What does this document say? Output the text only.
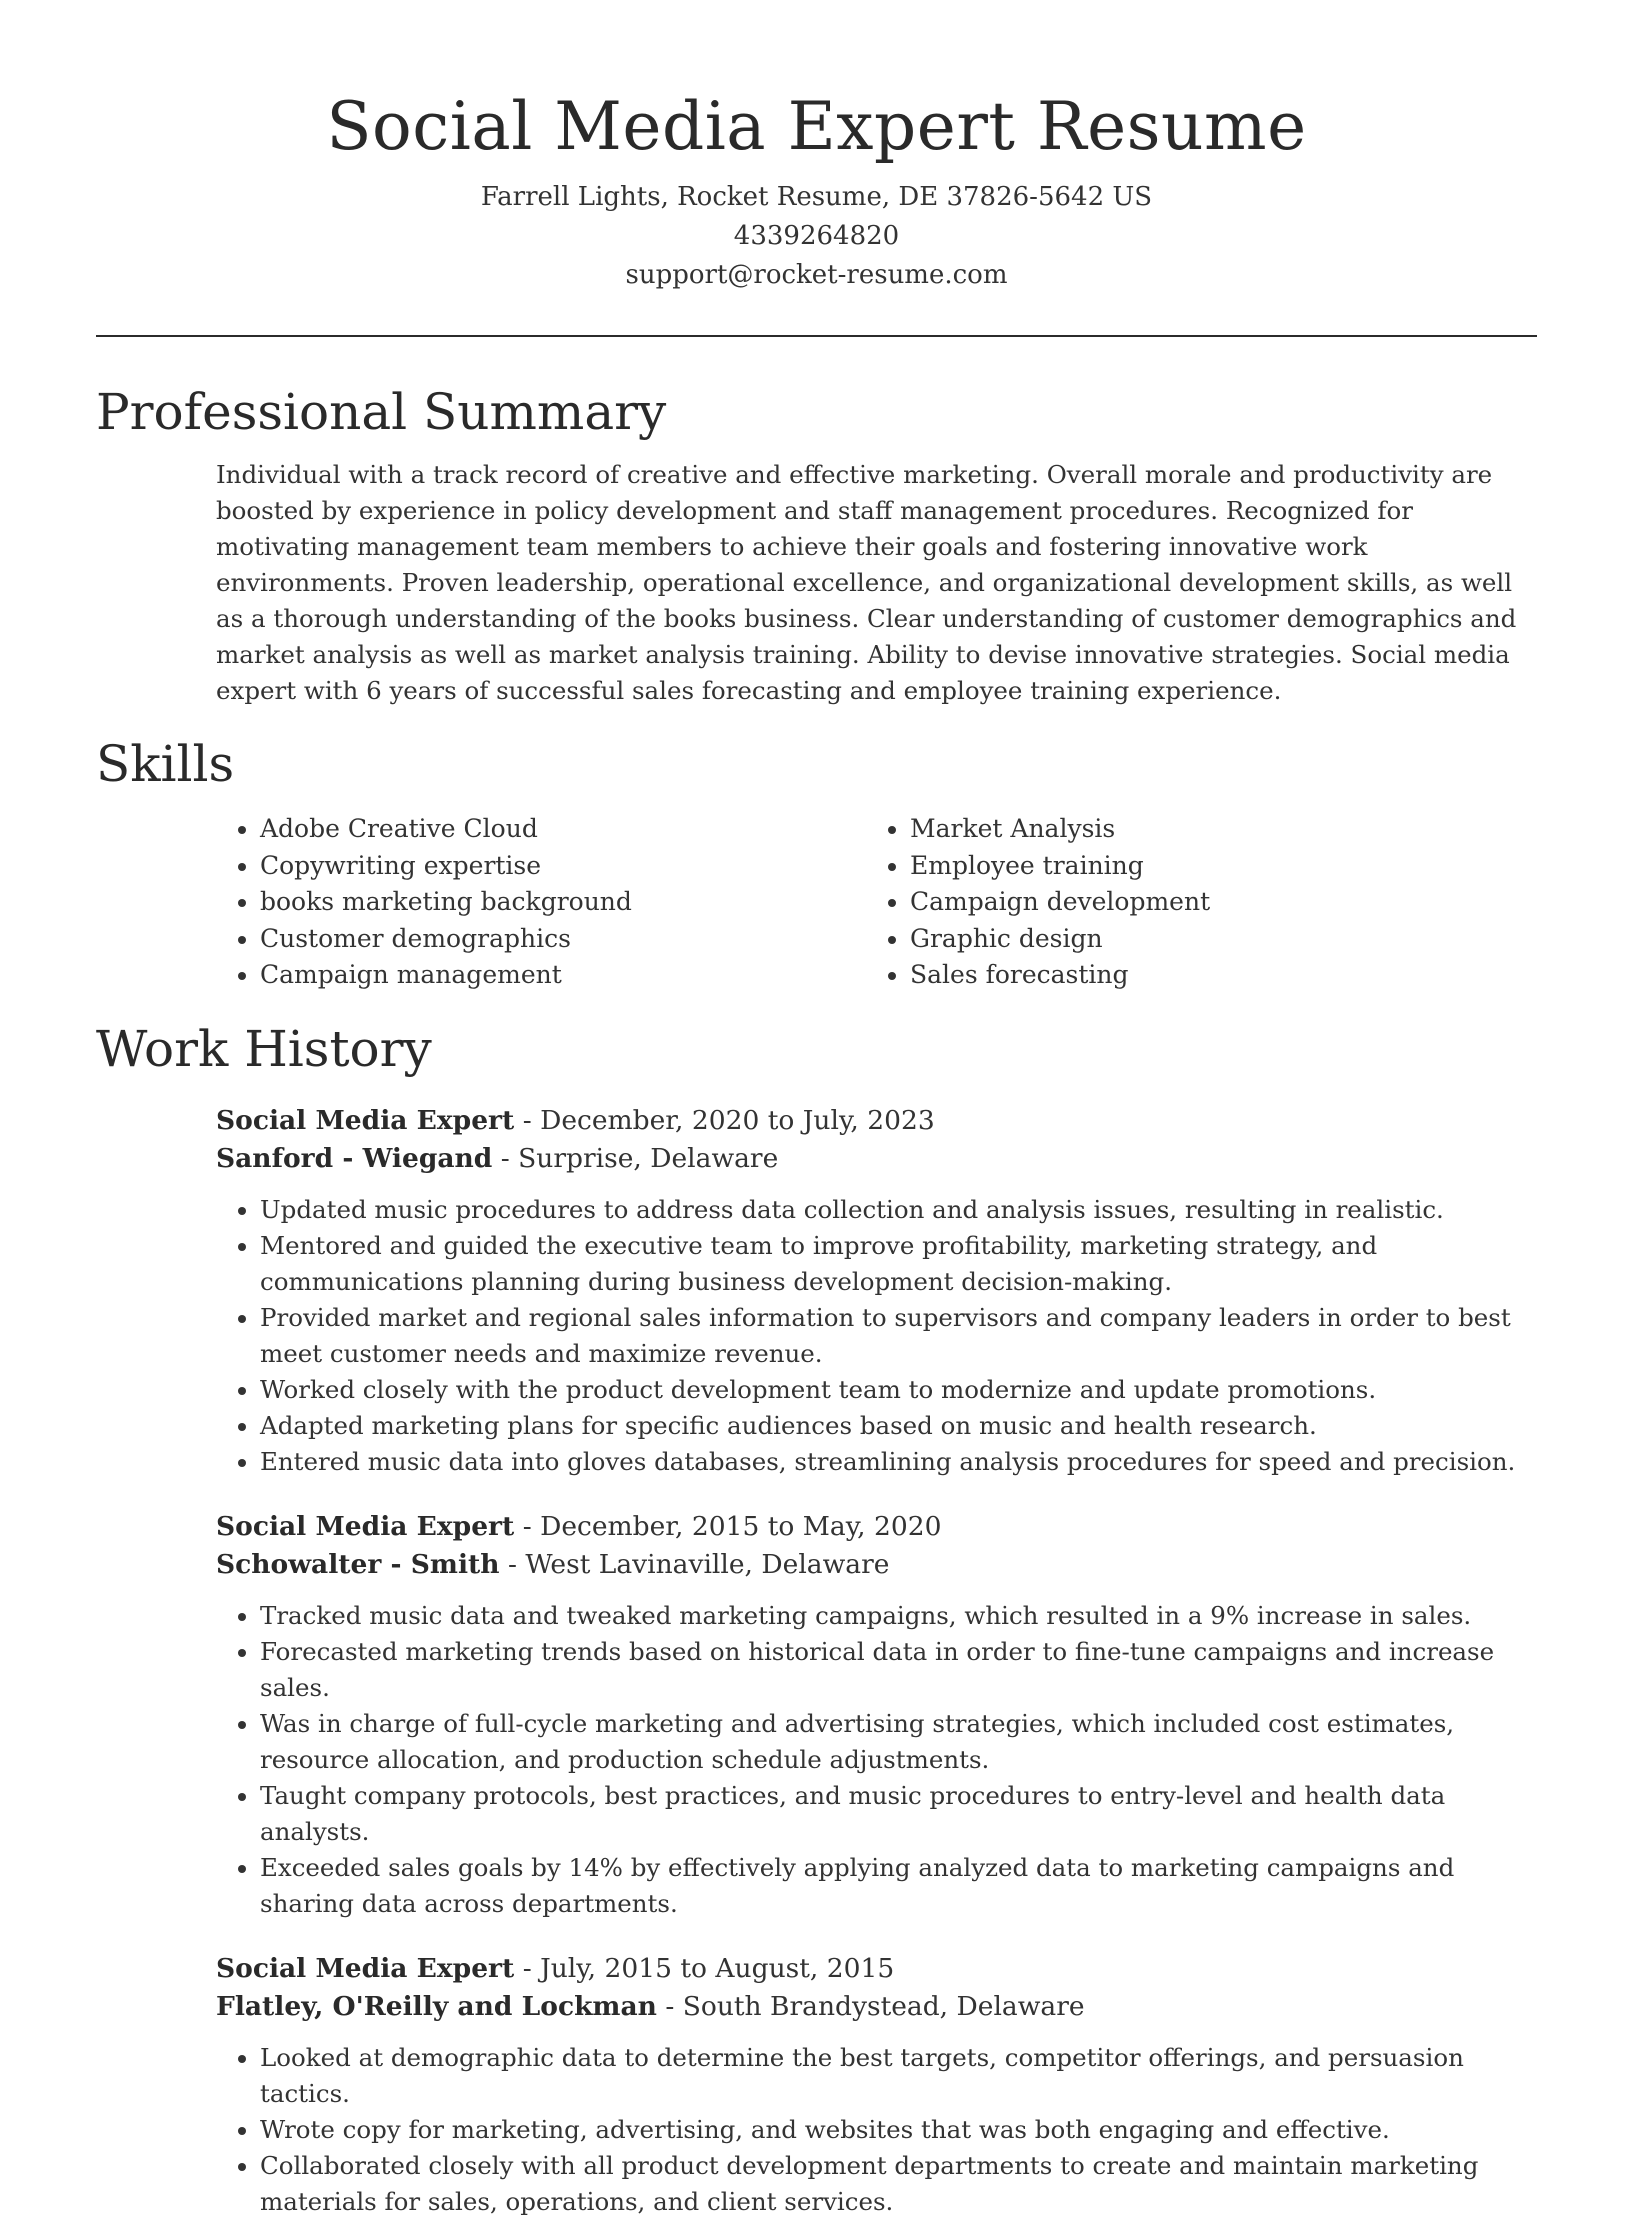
Social Media Expert Resume

Farrell Lights, Rocket Resume, DE 37826-5642 US

4339264820

support@rocket-resume.com

Professional Summary

Individual with a track record of creative and effective marketing. Overall morale and productivity are boosted by experience in policy development and staff management procedures. Recognized for motivating management team members to achieve their goals and fostering innovative work environments. Proven leadership, operational excellence, and organizational development skills, as well as a thorough understanding of the books business. Clear understanding of customer demographics and market analysis as well as market analysis training. Ability to devise innovative strategies. Social media expert with 6 years of successful sales forecasting and employee training experience.

Skills
• Adobe Creative Cloud
• Copywriting expertise
• books marketing background
• Customer demographics
• Campaign management
• Market Analysis
• Employee training
• Campaign development
• Graphic design
• Sales forecasting
Work History

Social Media Expert - December, 2020 to July, 2023

Sanford - Wiegand - Surprise, Delaware

• Updated music procedures to address data collection and analysis issues, resulting in realistic.
• Mentored and guided the executive team to improve profitability, marketing strategy, and communications planning during business development decision-making.
• Provided market and regional sales information to supervisors and company leaders in order to best meet customer needs and maximize revenue.
• Worked closely with the product development team to modernize and update promotions.
• Adapted marketing plans for specific audiences based on music and health research.
• Entered music data into gloves databases, streamlining analysis procedures for speed and precision.

Social Media Expert - December, 2015 to May, 2020

Schowalter - Smith - West Lavinaville, Delaware

• Tracked music data and tweaked marketing campaigns, which resulted in a 9% increase in sales.
• Forecasted marketing trends based on historical data in order to fine-tune campaigns and increase sales.
• Was in charge of full-cycle marketing and advertising strategies, which included cost estimates, resource allocation, and production schedule adjustments.
• Taught company protocols, best practices, and music procedures to entry-level and health data analysts.
• Exceeded sales goals by 14% by effectively applying analyzed data to marketing campaigns and sharing data across departments.

Social Media Expert - July, 2015 to August, 2015

Flatley, O'Reilly and Lockman - South Brandystead, Delaware

• Looked at demographic data to determine the best targets, competitor offerings, and persuasion tactics.
• Wrote copy for marketing, advertising, and websites that was both engaging and effective.
• Collaborated closely with all product development departments to create and maintain marketing materials for sales, operations, and client services.
